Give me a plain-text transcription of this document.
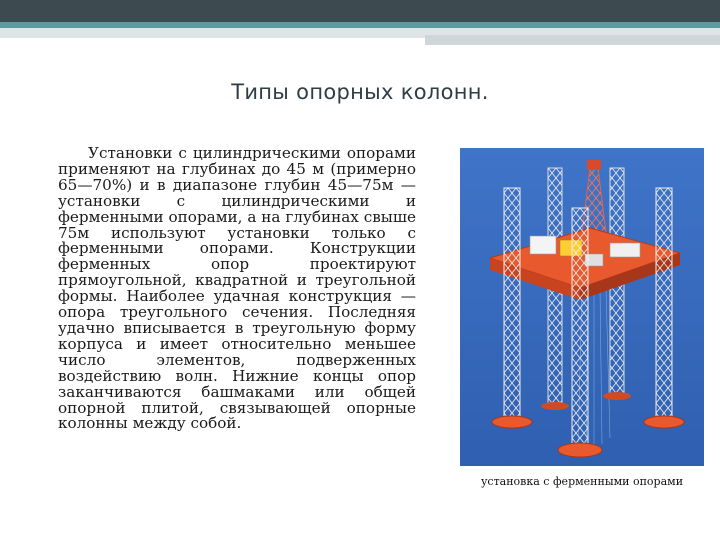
Типы опорных колонн.
Установки с цилиндрическими опорами применяют на глубинах до 45 м (примерно 65—70%) и в диапазоне глубин 45—75м — установки с цилиндрическими и ферменными опорами, а на глубинах свыше 75м используют установки только с ферменными опорами. Конструкции ферменных опор проектируют прямоугольной, квадратной и треугольной формы. Наиболее удачная конструкция — опора треугольного сечения. Последняя удачно вписывается в треугольную форму корпуса и имеет относительно меньшее число элементов, подверженных воздействию волн. Нижние концы опор заканчиваются башмаками или общей опорной плитой, связывающей опорные колонны между собой.
установка с ферменными опорами
